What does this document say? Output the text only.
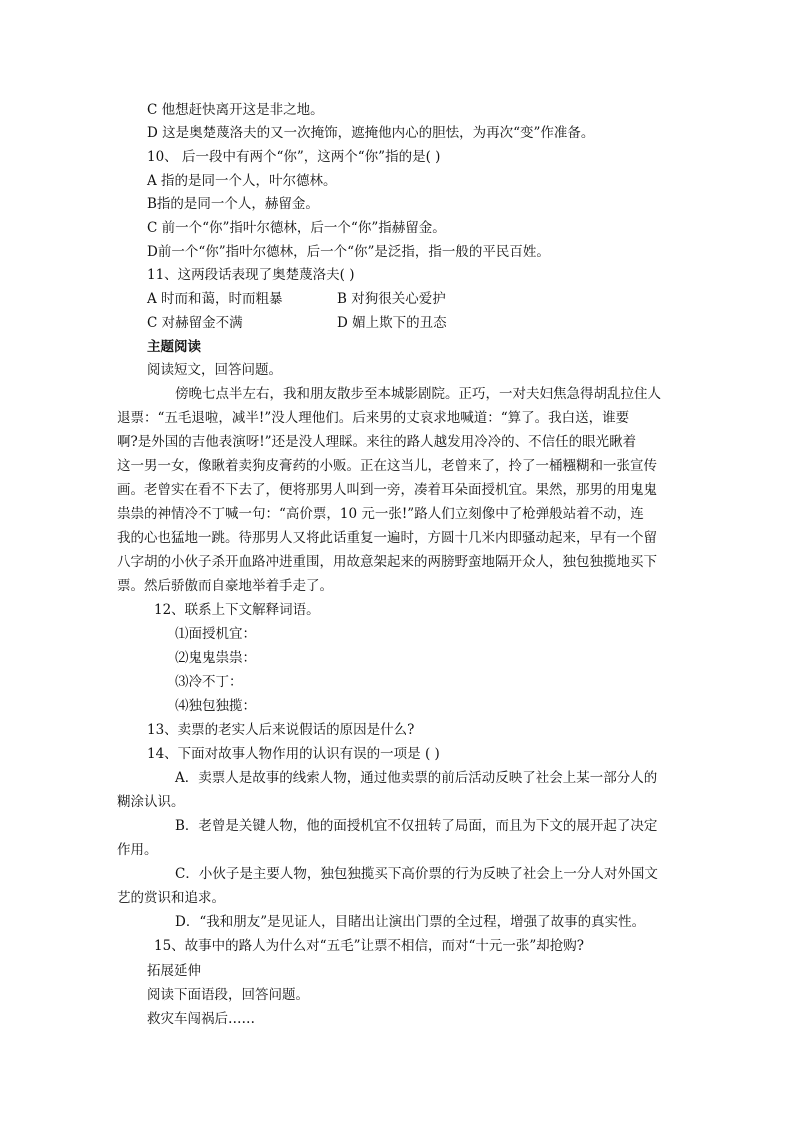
C 他想赶快离开这是非之地。
D 这是奥楚蔑洛夫的又一次掩饰，遮掩他内心的胆怯，为再次“变”作准备。
10、 后一段中有两个“你”，这两个“你”指的是( )
A 指的是同一个人，叶尔德林。
B指的是同一个人，赫留金。
C 前一个“你”指叶尔德林，后一个“你”指赫留金。
D前一个“你”指叶尔德林，后一个“你”是泛指，指一般的平民百姓。
11、这两段话表现了奥楚蔑洛夫( )
A 时而和蔼，时而粗暴	B 对狗很关心爱护
C 对赫留金不满	D 媚上欺下的丑态
主题阅读
阅读短文，回答问题。
傍晚七点半左右，我和朋友散步至本城影剧院。正巧，一对夫妇焦急得胡乱拉住人
退票：“五毛退啦，减半!”没人理他们。后来男的丈哀求地喊道：“算了。我白送，谁要
啊?是外国的吉他表演呀!”还是没人理睬。来往的路人越发用冷冷的、不信任的眼光瞅着
这一男一女，像瞅着卖狗皮膏药的小贩。正在这当儿，老曾来了，拎了一桶糨糊和一张宣传
画。老曾实在看不下去了，便将那男人叫到一旁，凑着耳朵面授机宜。果然，那男的用鬼鬼
祟祟的神情冷不丁喊一句：“高价票，10 元一张!”路人们立刻像中了枪弹般站着不动，连
我的心也猛地一跳。待那男人又将此话重复一遍时，方圆十几米内即骚动起来，早有一个留
八字胡的小伙子杀开血路冲进重围，用故意架起来的两膀野蛮地隔开众人，独包独揽地买下
票。然后骄傲而自豪地举着手走了。
12、联系上下文解释词语。
⑴面授机宜：
⑵鬼鬼祟祟：
⑶冷不丁：
⑷独包独揽：
13、卖票的老实人后来说假话的原因是什么?
14、下面对故事人物作用的认识有误的一项是 ( )
A．卖票人是故事的线索人物，通过他卖票的前后活动反映了社会上某一部分人的
糊涂认识。
B．老曾是关键人物，他的面授机宜不仅扭转了局面，而且为下文的展开起了决定
作用。
C．小伙子是主要人物，独包独揽买下高价票的行为反映了社会上一分人对外国文
艺的赏识和追求。
D．“我和朋友”是见证人，目睹出让演出门票的全过程，增强了故事的真实性。
15、故事中的路人为什么对“五毛”让票不相信，而对“十元一张”却抢购?
拓展延伸
阅读下面语段，回答问题。
救灾车闯祸后……
